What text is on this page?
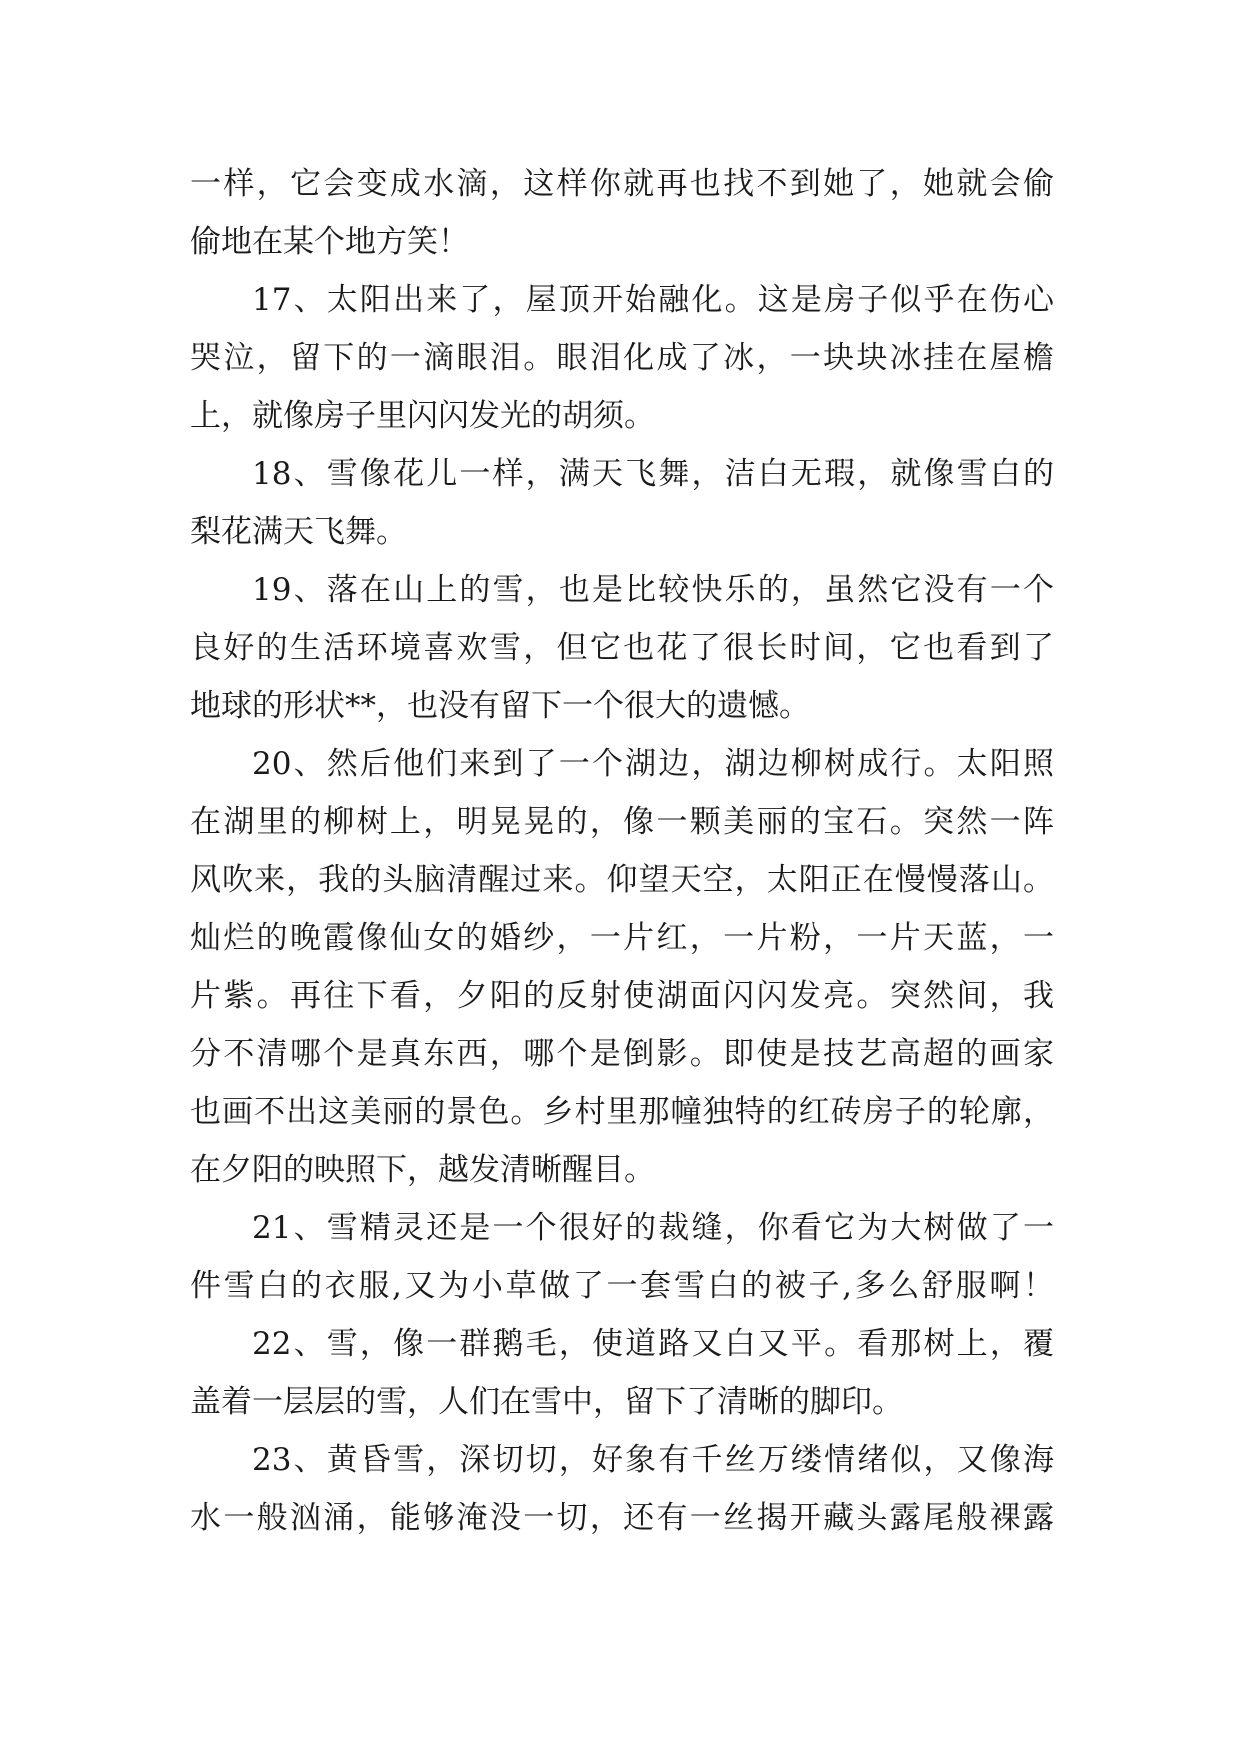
一样，它会变成水滴，这样你就再也找不到她了，她就会偷
偷地在某个地方笑！
17、太阳出来了，屋顶开始融化。这是房子似乎在伤心
哭泣，留下的一滴眼泪。眼泪化成了冰，一块块冰挂在屋檐
上，就像房子里闪闪发光的胡须。
18、雪像花儿一样，满天飞舞，洁白无瑕，就像雪白的
梨花满天飞舞。
19、落在山上的雪，也是比较快乐的，虽然它没有一个
良好的生活环境喜欢雪，但它也花了很长时间，它也看到了
地球的形状**，也没有留下一个很大的遗憾。
20、然后他们来到了一个湖边，湖边柳树成行。太阳照
在湖里的柳树上，明晃晃的，像一颗美丽的宝石。突然一阵
风吹来，我的头脑清醒过来。仰望天空，太阳正在慢慢落山。
灿烂的晚霞像仙女的婚纱，一片红，一片粉，一片天蓝，一
片紫。再往下看，夕阳的反射使湖面闪闪发亮。突然间，我
分不清哪个是真东西，哪个是倒影。即使是技艺高超的画家
也画不出这美丽的景色。乡村里那幢独特的红砖房子的轮廓，
在夕阳的映照下，越发清晰醒目。
21、雪精灵还是一个很好的裁缝，你看它为大树做了一
件雪白的衣服,又为小草做了一套雪白的被子,多么舒服啊！
22、雪，像一群鹅毛，使道路又白又平。看那树上，覆
盖着一层层的雪，人们在雪中，留下了清晰的脚印。
23、黄昏雪，深切切，好象有千丝万缕情绪似，又像海
水一般汹涌，能够淹没一切，还有一丝揭开藏头露尾般裸露
